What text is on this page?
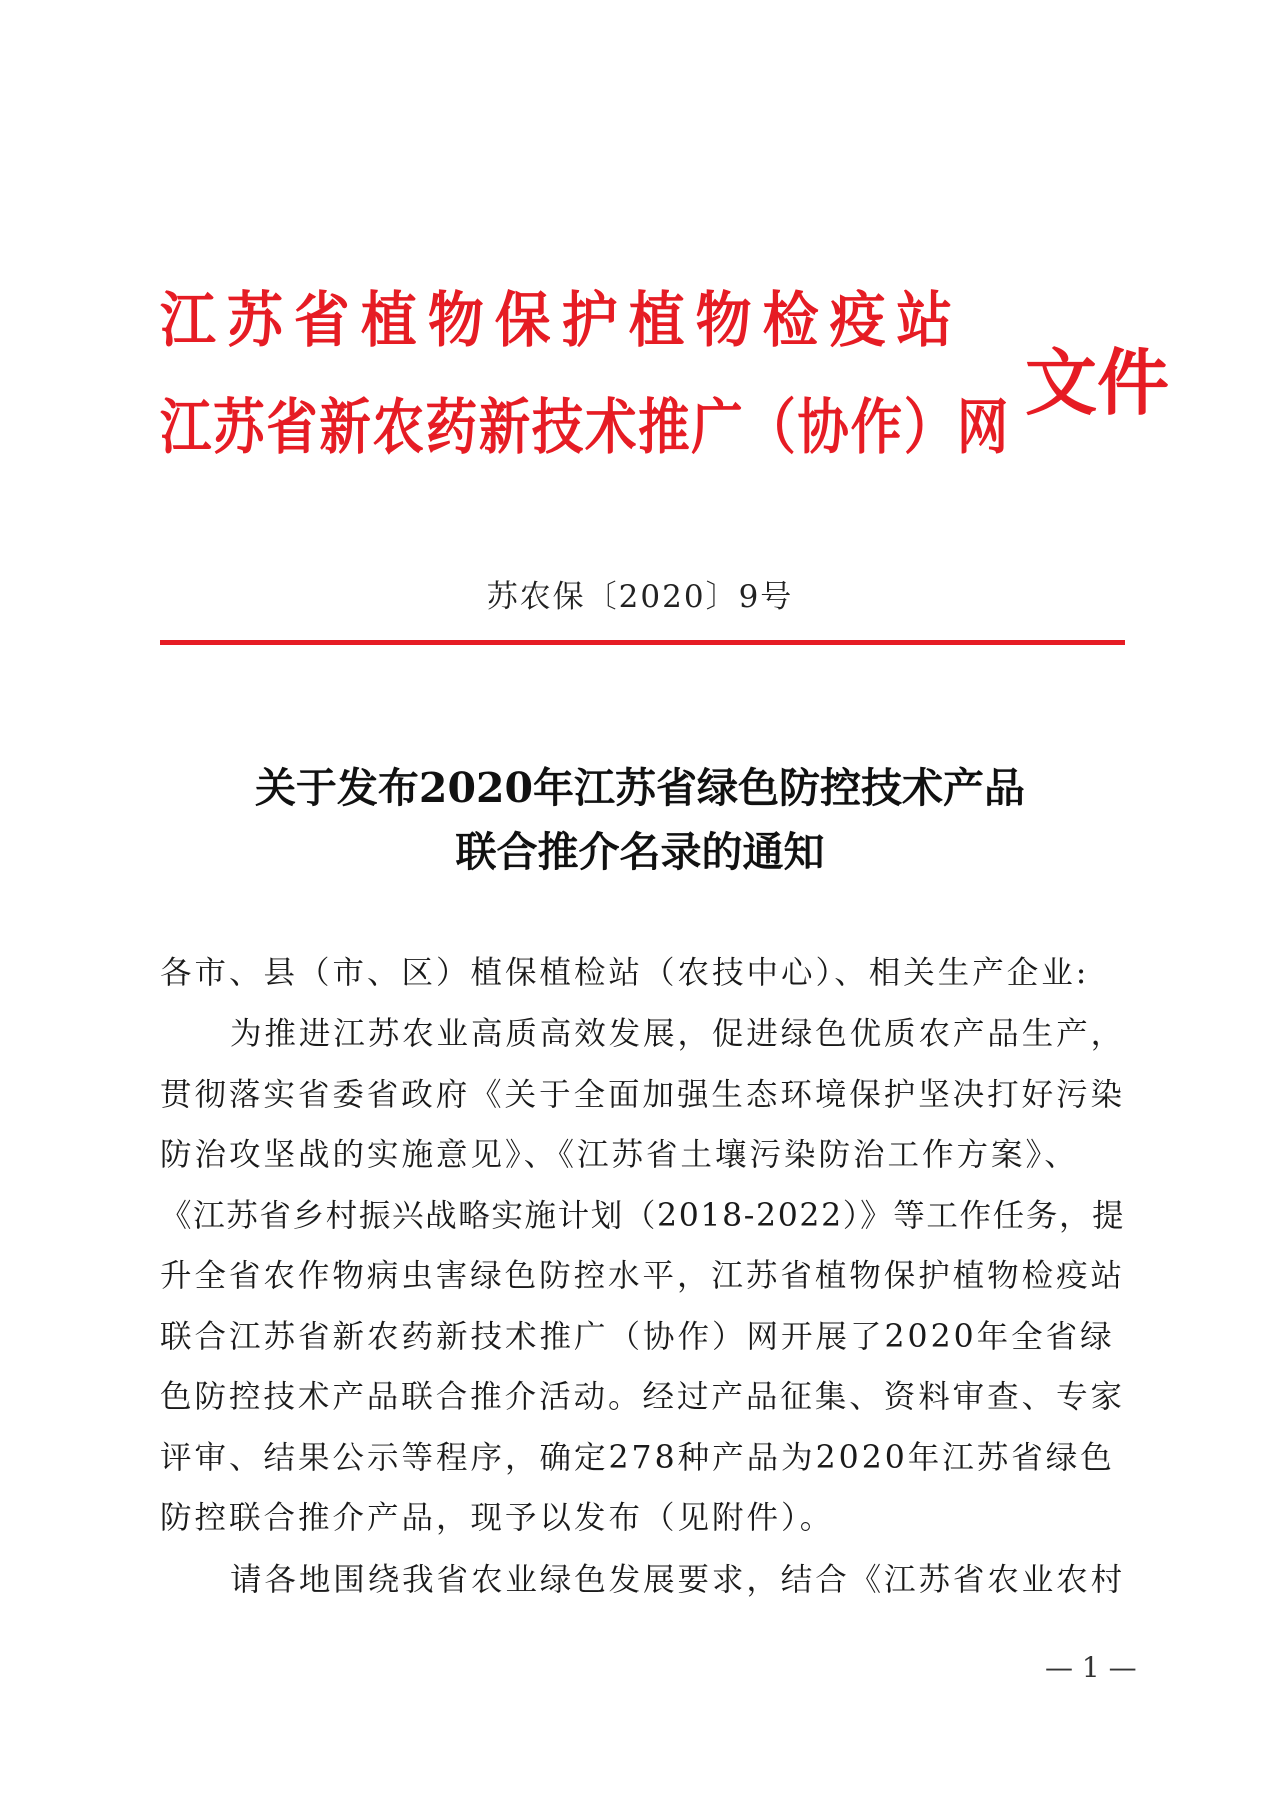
江苏省植物保护植物检疫站
江苏省新农药新技术推广（协作）网
文件
苏农保〔2020〕9号
关于发布2020年江苏省绿色防控技术产品
联合推介名录的通知
各市、县（市、区）植保植检站（农技中心）、相关生产企业:
为推进江苏农业高质高效发展，促进绿色优质农产品生产，
贯彻落实省委省政府《关于全面加强生态环境保护坚决打好污染
防治攻坚战的实施意见》、《江苏省土壤污染防治工作方案》、
《江苏省乡村振兴战略实施计划（2018-2022）》等工作任务，提
升全省农作物病虫害绿色防控水平，江苏省植物保护植物检疫站
联合江苏省新农药新技术推广（协作）网开展了2020年全省绿
色防控技术产品联合推介活动。经过产品征集、资料审查、专家
评审、结果公示等程序，确定278种产品为2020年江苏省绿色
防控联合推介产品，现予以发布（见附件）。
请各地围绕我省农业绿色发展要求，结合《江苏省农业农村
— 1 —
